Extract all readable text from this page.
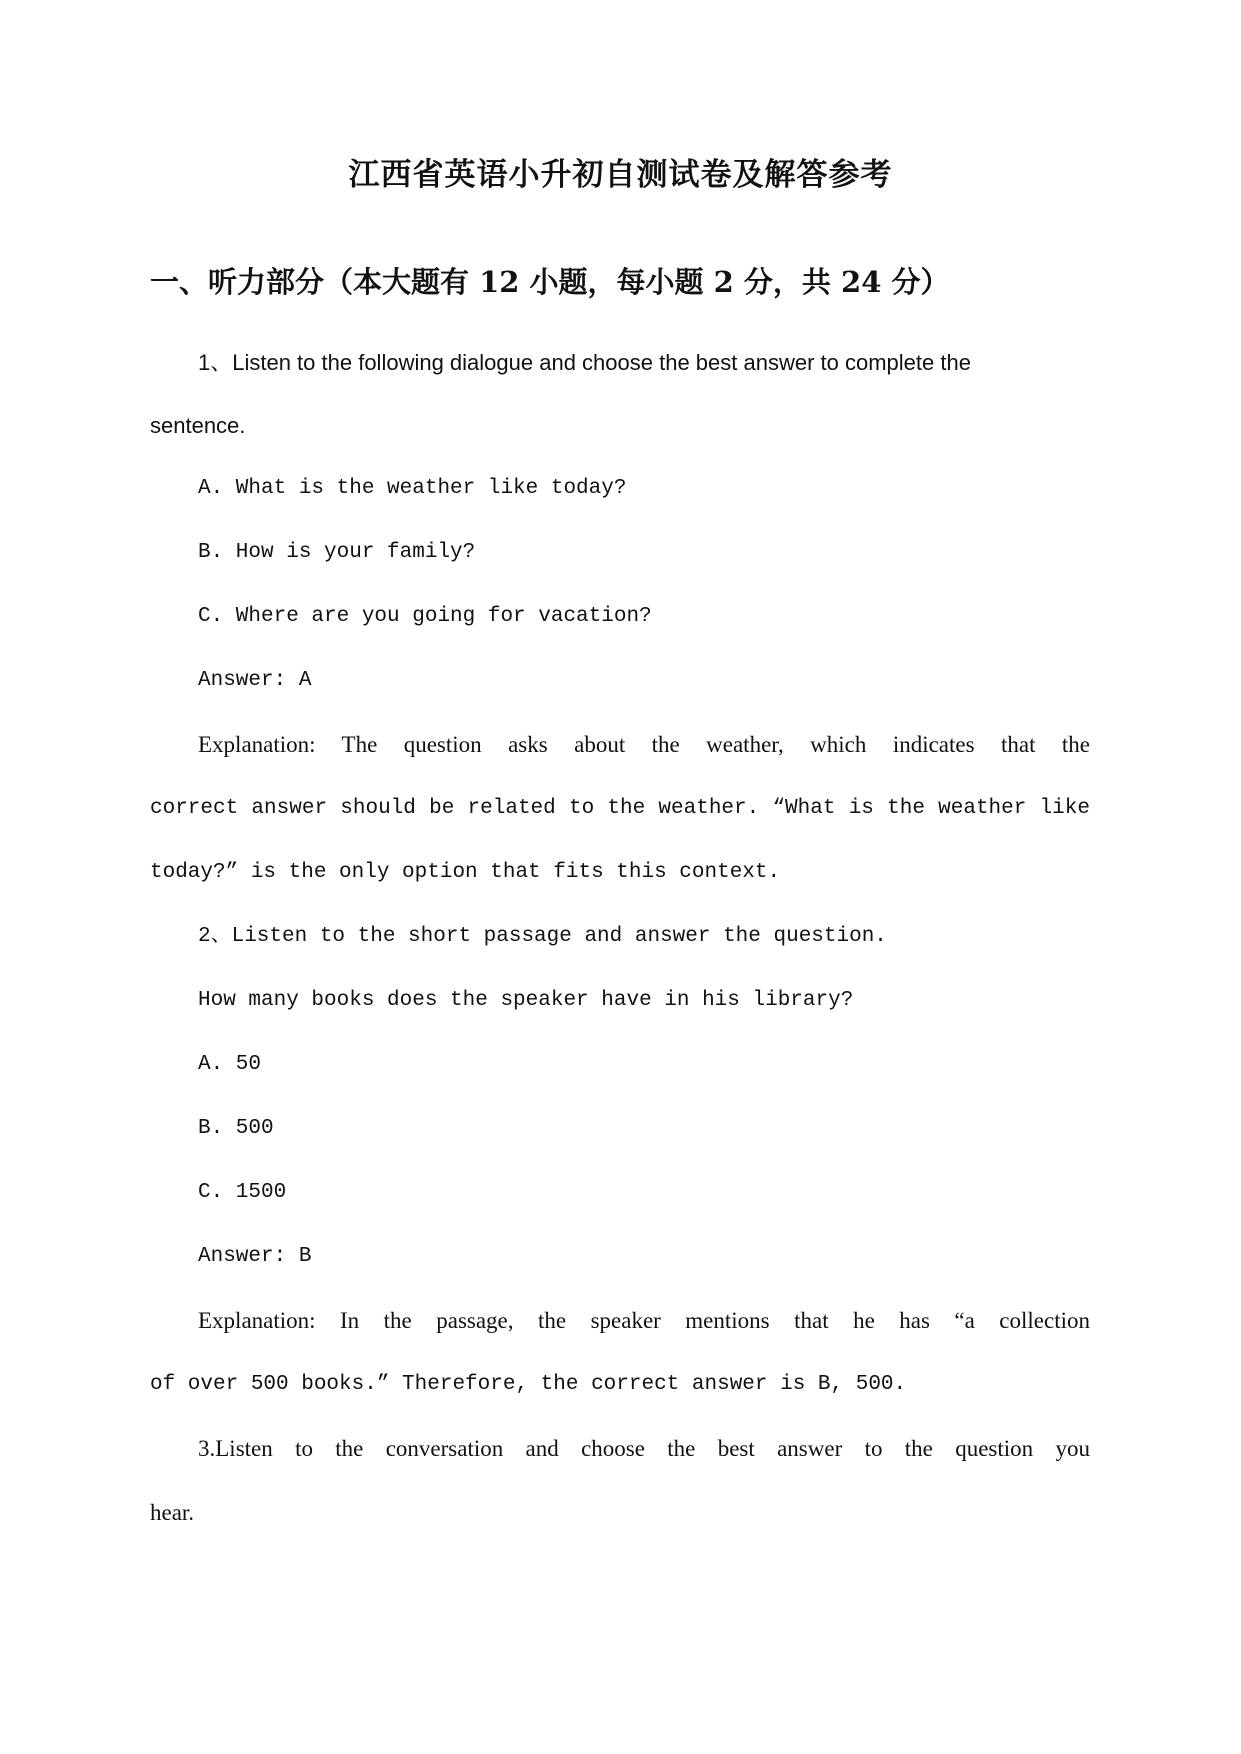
江西省英语小升初自测试卷及解答参考
一、听力部分（本大题有 12 小题，每小题 2 分，共 24 分）
1、Listen to the following dialogue and choose the best answer to complete the
sentence.
A. What is the weather like today?
B. How is your family?
C. Where are you going for vacation?
Answer: A
Explanation: The question asks about the weather, which indicates that the
correct answer should be related to the weather. “What is the weather like
today?” is the only option that fits this context.
2、Listen to the short passage and answer the question.
How many books does the speaker have in his library?
A. 50
B. 500
C. 1500
Answer: B
Explanation: In the passage, the speaker mentions that he has “a collection
of over 500 books.” Therefore, the correct answer is B, 500.
3.Listen to the conversation and choose the best answer to the question you
hear.
